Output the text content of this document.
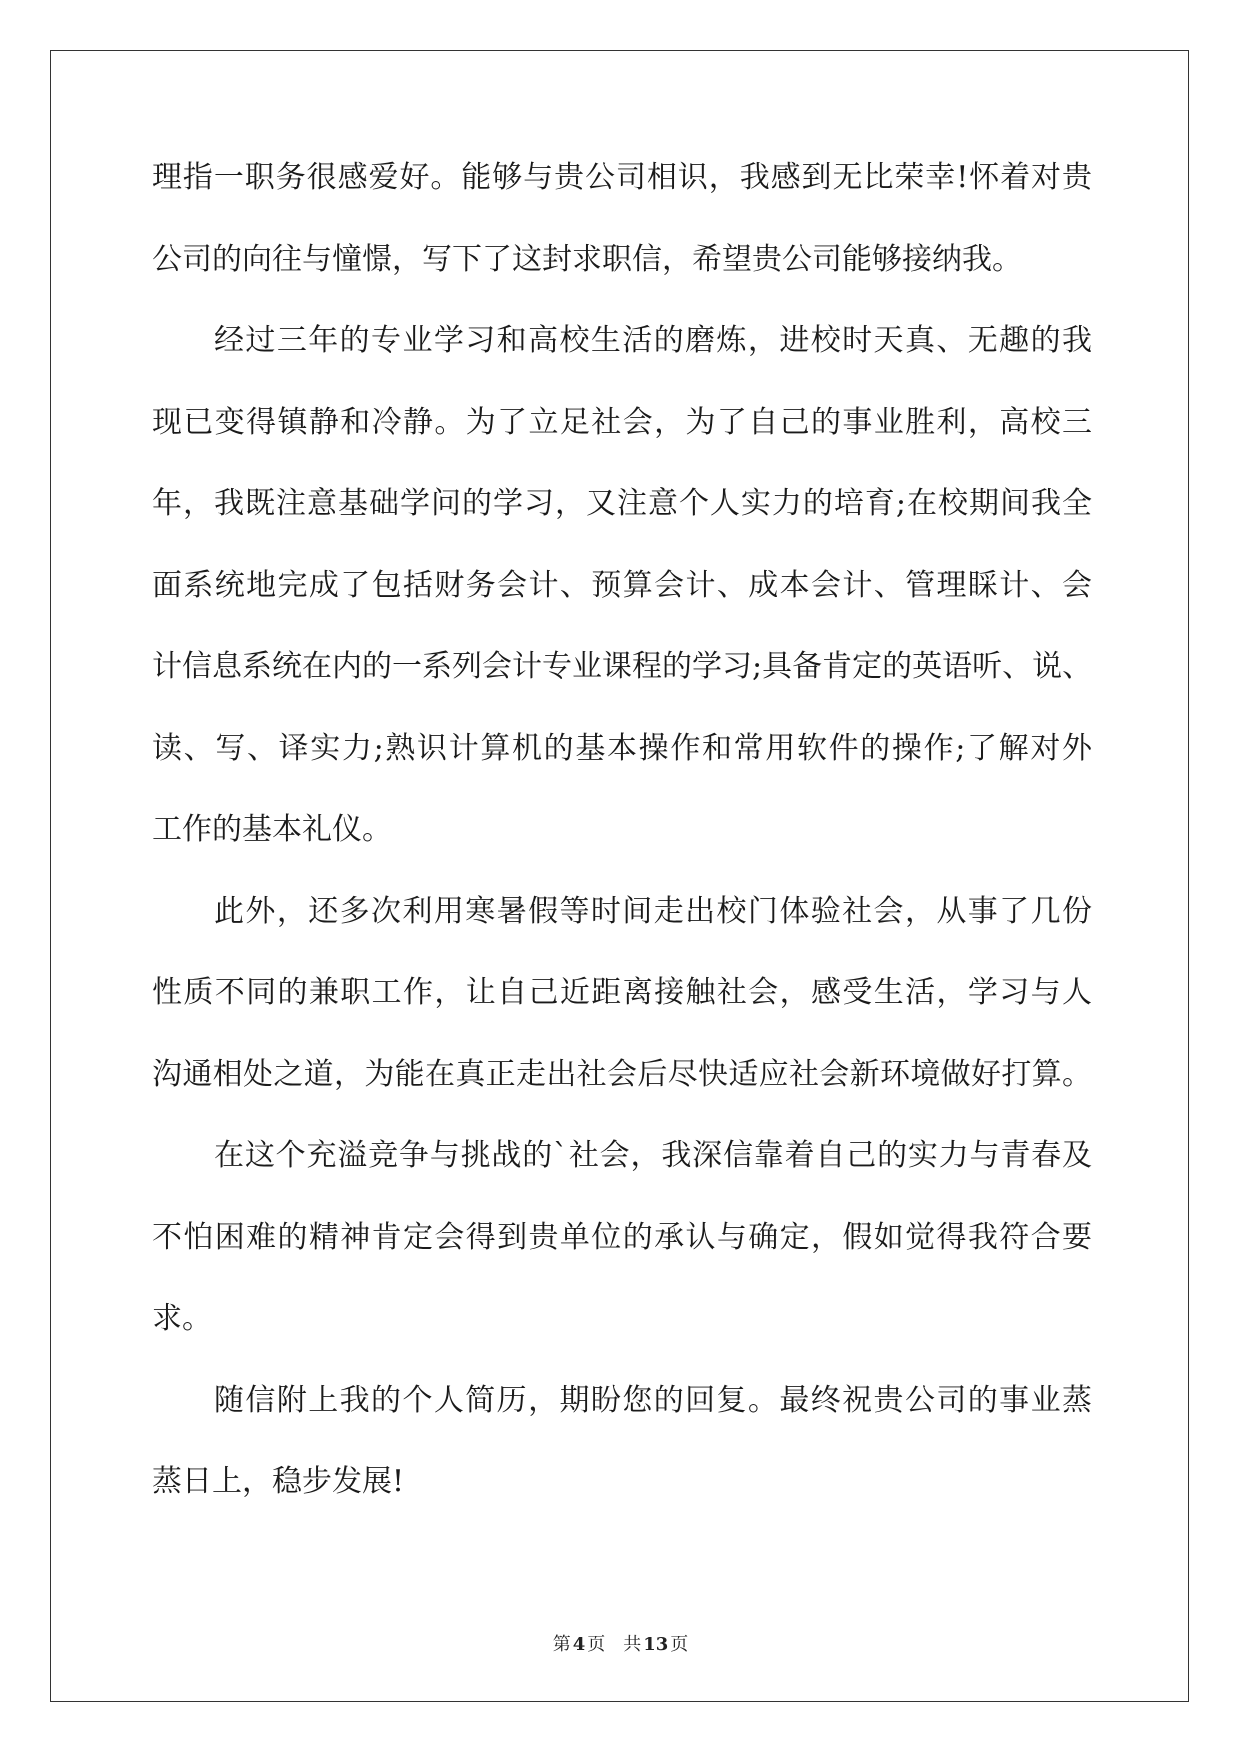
理指一职务很感爱好。能够与贵公司相识，我感到无比荣幸!怀着对贵
公司的向往与憧憬，写下了这封求职信，希望贵公司能够接纳我。
经过三年的专业学习和高校生活的磨炼，进校时天真、无趣的我
现已变得镇静和冷静。为了立足社会，为了自己的事业胜利，高校三
年，我既注意基础学问的学习，又注意个人实力的培育;在校期间我全
面系统地完成了包括财务会计、预算会计、成本会计、管理睬计、会
计信息系统在内的一系列会计专业课程的学习;具备肯定的英语听、说、
读、写、译实力;熟识计算机的基本操作和常用软件的操作;了解对外
工作的基本礼仪。
此外，还多次利用寒暑假等时间走出校门体验社会，从事了几份
性质不同的兼职工作，让自己近距离接触社会，感受生活，学习与人
沟通相处之道，为能在真正走出社会后尽快适应社会新环境做好打算。
在这个充溢竞争与挑战的`社会，我深信靠着自己的实力与青春及
不怕困难的精神肯定会得到贵单位的承认与确定，假如觉得我符合要
求。
随信附上我的个人简历，期盼您的回复。最终祝贵公司的事业蒸
蒸日上，稳步发展!
第 4 页 共 13 页
